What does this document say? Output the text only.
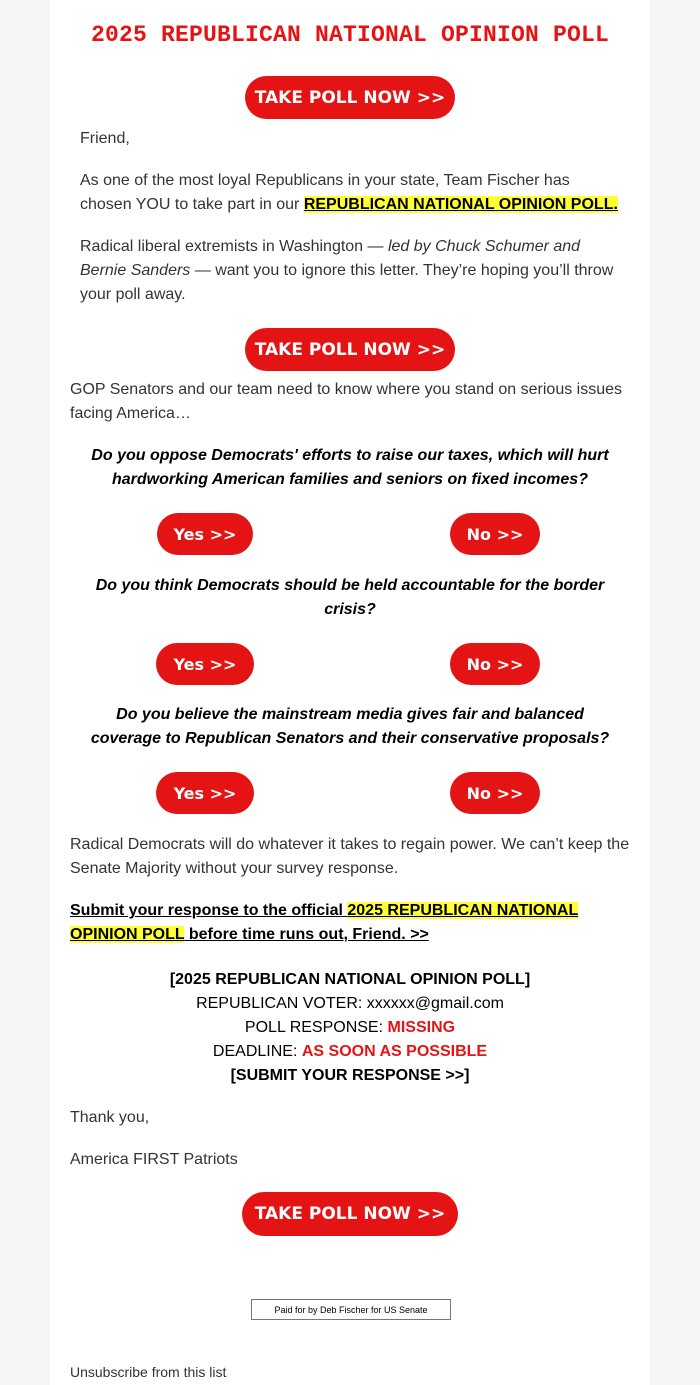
2025 REPUBLICAN NATIONAL OPINION POLL
TAKE POLL NOW >>
Friend,
As one of the most loyal Republicans in your state, Team Fischer has chosen YOU to take part in our REPUBLICAN NATIONAL OPINION POLL.
Radical liberal extremists in Washington — led by Chuck Schumer and Bernie Sanders — want you to ignore this letter. They’re hoping you’ll throw your poll away.
TAKE POLL NOW >>
GOP Senators and our team need to know where you stand on serious issues facing America…
Do you oppose Democrats' efforts to raise our taxes, which will hurt hardworking American families and seniors on fixed incomes?
Yes >>	No >>
Do you think Democrats should be held accountable for the border crisis?
Yes >>	No >>
Do you believe the mainstream media gives fair and balanced coverage to Republican Senators and their conservative proposals?
Yes >>	No >>
Radical Democrats will do whatever it takes to regain power. We can’t keep the Senate Majority without your survey response.
Submit your response to the official 2025 REPUBLICAN NATIONAL OPINION POLL before time runs out, Friend. >>
[2025 REPUBLICAN NATIONAL OPINION POLL]
REPUBLICAN VOTER: xxxxxx@gmail.com
POLL RESPONSE: MISSING
DEADLINE: AS SOON AS POSSIBLE
[SUBMIT YOUR RESPONSE >>]
Thank you,
America FIRST Patriots
TAKE POLL NOW >>
Paid for by Deb Fischer for US Senate
Unsubscribe from this list
